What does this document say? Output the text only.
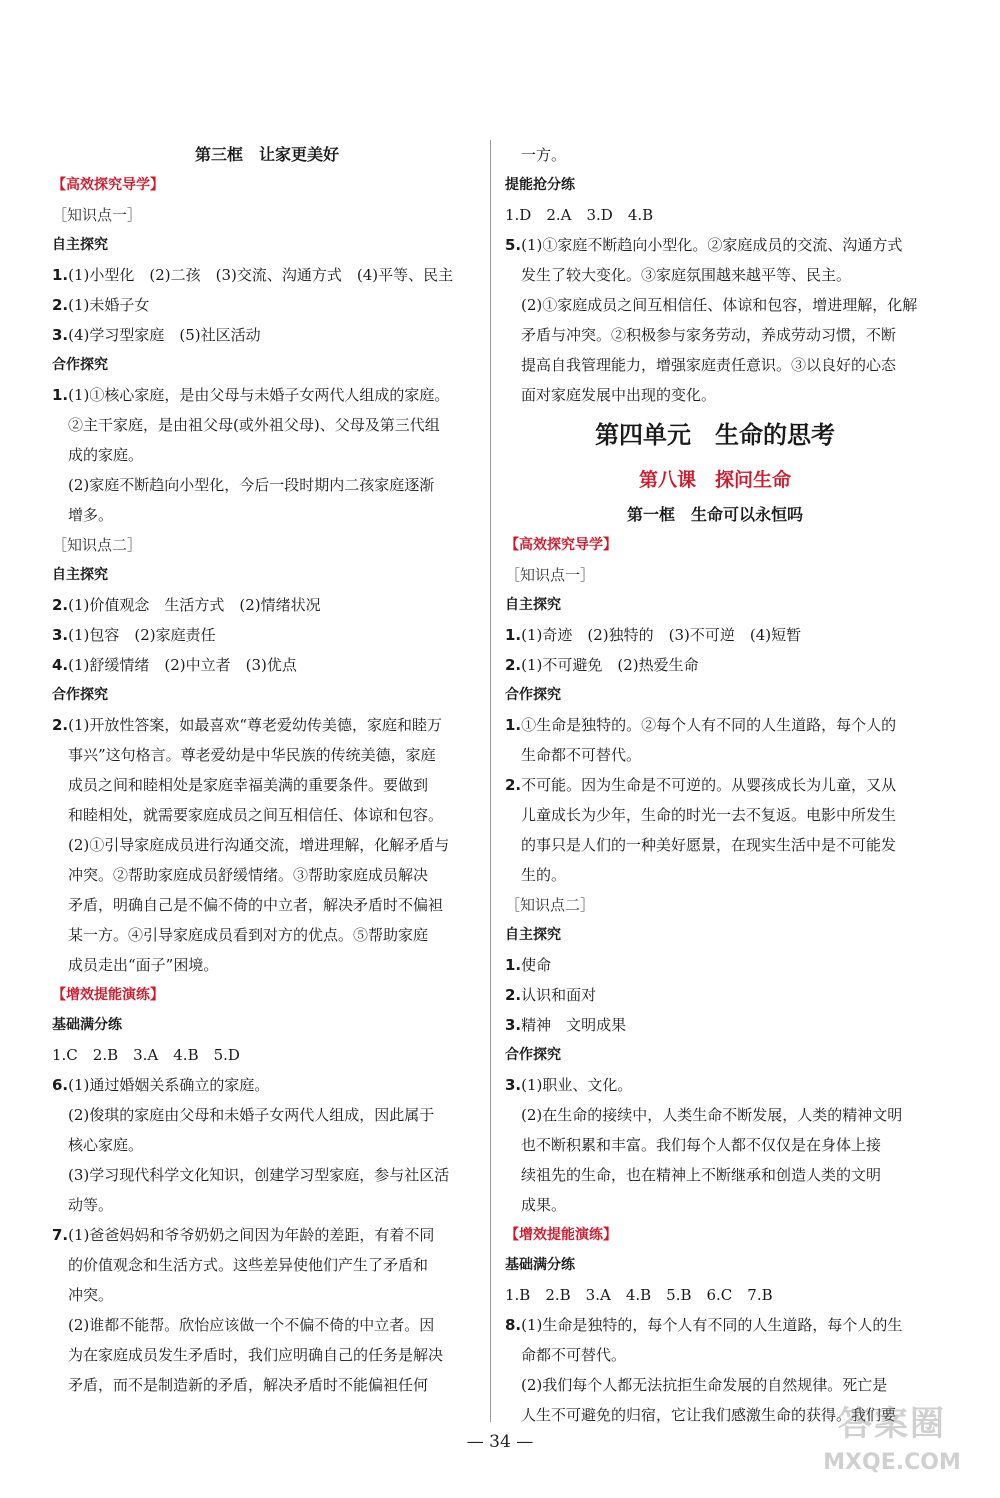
第三框　让家更美好
【高效探究导学】
［知识点一］
自主探究
1.(1)小型化　(2)二孩　(3)交流、沟通方式　(4)平等、民主
2.(1)未婚子女
3.(4)学习型家庭　(5)社区活动
合作探究
1.(1)①核心家庭，是由父母与未婚子女两代人组成的家庭。
②主干家庭，是由祖父母(或外祖父母)、父母及第三代组
成的家庭。
(2)家庭不断趋向小型化，今后一段时期内二孩家庭逐渐
增多。
［知识点二］
自主探究
2.(1)价值观念　生活方式　(2)情绪状况
3.(1)包容　(2)家庭责任
4.(1)舒缓情绪　(2)中立者　(3)优点
合作探究
2.(1)开放性答案，如最喜欢“尊老爱幼传美德，家庭和睦万
事兴”这句格言。尊老爱幼是中华民族的传统美德，家庭
成员之间和睦相处是家庭幸福美满的重要条件。要做到
和睦相处，就需要家庭成员之间互相信任、体谅和包容。
(2)①引导家庭成员进行沟通交流，增进理解，化解矛盾与
冲突。②帮助家庭成员舒缓情绪。③帮助家庭成员解决
矛盾，明确自己是不偏不倚的中立者，解决矛盾时不偏袒
某一方。④引导家庭成员看到对方的优点。⑤帮助家庭
成员走出“面子”困境。
【增效提能演练】
基础满分练
1.C　2.B　3.A　4.B　5.D
6.(1)通过婚姻关系确立的家庭。
(2)俊琪的家庭由父母和未婚子女两代人组成，因此属于
核心家庭。
(3)学习现代科学文化知识，创建学习型家庭，参与社区活
动等。
7.(1)爸爸妈妈和爷爷奶奶之间因为年龄的差距，有着不同
的价值观念和生活方式。这些差异使他们产生了矛盾和
冲突。
(2)谁都不能帮。欣怡应该做一个不偏不倚的中立者。因
为在家庭成员发生矛盾时，我们应明确自己的任务是解决
矛盾，而不是制造新的矛盾，解决矛盾时不能偏袒任何
一方。
提能抢分练
1.D　2.A　3.D　4.B
5.(1)①家庭不断趋向小型化。②家庭成员的交流、沟通方式
发生了较大变化。③家庭氛围越来越平等、民主。
(2)①家庭成员之间互相信任、体谅和包容，增进理解，化解
矛盾与冲突。②积极参与家务劳动，养成劳动习惯，不断
提高自我管理能力，增强家庭责任意识。③以良好的心态
面对家庭发展中出现的变化。
第四单元　生命的思考
第八课　探问生命
第一框　生命可以永恒吗
【高效探究导学】
［知识点一］
自主探究
1.(1)奇迹　(2)独特的　(3)不可逆　(4)短暂
2.(1)不可避免　(2)热爱生命
合作探究
1.①生命是独特的。②每个人有不同的人生道路，每个人的
生命都不可替代。
2.不可能。因为生命是不可逆的。从婴孩成长为儿童，又从
儿童成长为少年，生命的时光一去不复返。电影中所发生
的事只是人们的一种美好愿景，在现实生活中是不可能发
生的。
［知识点二］
自主探究
1.使命
2.认识和面对
3.精神　文明成果
合作探究
3.(1)职业、文化。
(2)在生命的接续中，人类生命不断发展，人类的精神文明
也不断积累和丰富。我们每个人都不仅仅是在身体上接
续祖先的生命，也在精神上不断继承和创造人类的文明
成果。
【增效提能演练】
基础满分练
1.B　2.B　3.A　4.B　5.B　6.C　7.B
8.(1)生命是独特的，每个人有不同的人生道路，每个人的生
命都不可替代。
(2)我们每个人都无法抗拒生命发展的自然规律。死亡是
人生不可避免的归宿，它让我们感激生命的获得。我们要
— 34 —	答案圈
MXQE.COM
